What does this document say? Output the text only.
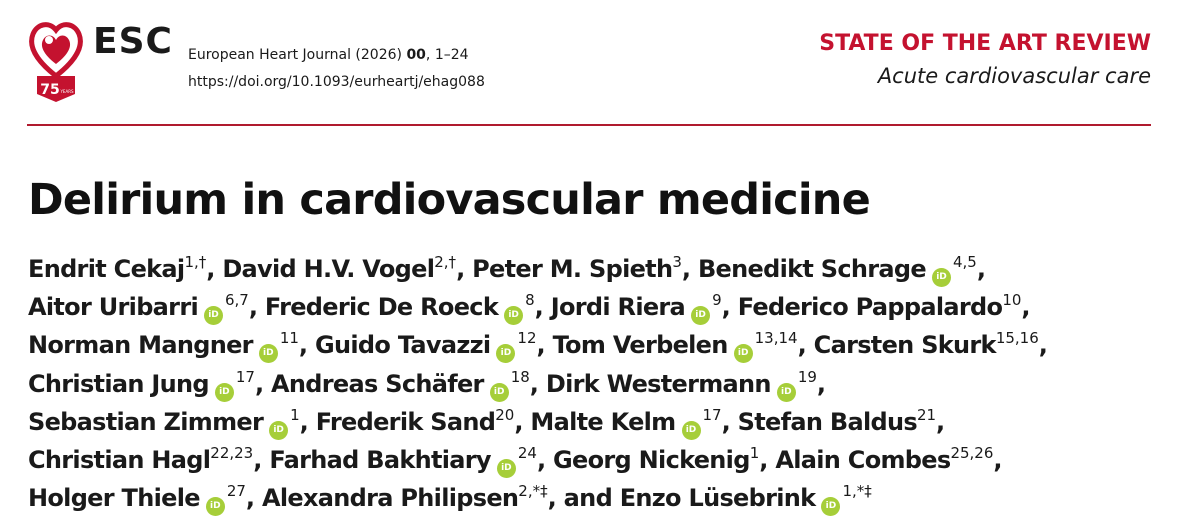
75 YEARS
ESC European Heart Journal (2026) 00, 1–24
https://doi.org/10.1093/eurheartj/ehag088
STATE OF THE ART REVIEW
Acute cardiovascular care
Delirium in cardiovascular medicine
Endrit Cekaj$^{1,\dagger}$, David H.V. Vogel$^{2,\dagger}$, Peter M. Spieth$^3$, Benedikt Schrage iD$^{4,5}$,
Aitor Uribarri iD$^{6,7}$, Frederic De Roeck $iD^8$, Jordi Riera $iD^9$, Federico Pappalardo$^{10}$,
Norman Mangner $iD^{11}$, Guido Tavazzi $iD^{12}$, Tom Verbelen iD$^{13,14}$, Carsten Skurk$^{15,16}$,
Christian Jung $iD^{17}$, Andreas Schäfer $iD^{18}$, Dirk Westermann $iD^{19}$,
Sebastian Zimmer $iD^1$, Frederik Sand$^{20}$, Malte Kelm $iD^{17}$, Stefan Baldus$^{21}$,
Christian Hagl$^{22,23}$, Farhad Bakhtiary $iD^{24}$, Georg Nickenig$^1$, Alain Combes$^{25,26}$,
Holger Thiele $iD^{27}$, Alexandra Philipsen$^{2,*\ddagger}$, and Enzo Lüsebrink $iD^{1,*\ddagger}$
